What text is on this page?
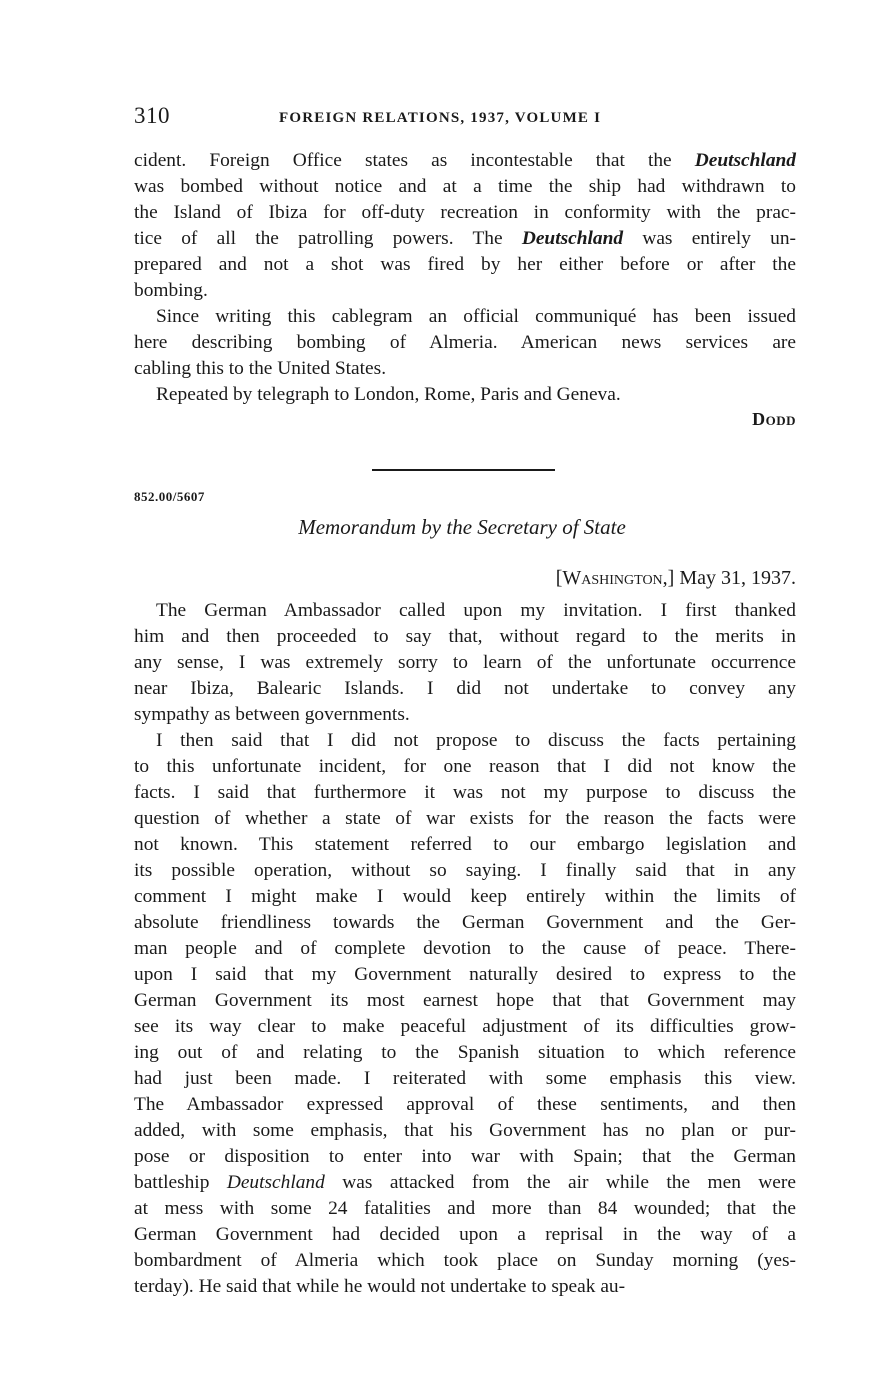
310	FOREIGN RELATIONS, 1937, VOLUME I
cident. Foreign Office states as incontestable that the Deutschland
was bombed without notice and at a time the ship had withdrawn to
the Island of Ibiza for off-duty recreation in conformity with the prac-
tice of all the patrolling powers. The Deutschland was entirely un-
prepared and not a shot was fired by her either before or after the
bombing.
Since writing this cablegram an official communiqué has been issued
here describing bombing of Almeria. American news services are
cabling this to the United States.
Repeated by telegraph to London, Rome, Paris and Geneva.
Dodd
852.00/5607
Memorandum by the Secretary of State
[Washington,] May 31, 1937.
The German Ambassador called upon my invitation. I first thanked
him and then proceeded to say that, without regard to the merits in
any sense, I was extremely sorry to learn of the unfortunate occurrence
near Ibiza, Balearic Islands. I did not undertake to convey any
sympathy as between governments.
I then said that I did not propose to discuss the facts pertaining
to this unfortunate incident, for one reason that I did not know the
facts. I said that furthermore it was not my purpose to discuss the
question of whether a state of war exists for the reason the facts were
not known. This statement referred to our embargo legislation and
its possible operation, without so saying. I finally said that in any
comment I might make I would keep entirely within the limits of
absolute friendliness towards the German Government and the Ger-
man people and of complete devotion to the cause of peace. There-
upon I said that my Government naturally desired to express to the
German Government its most earnest hope that that Government may
see its way clear to make peaceful adjustment of its difficulties grow-
ing out of and relating to the Spanish situation to which reference
had just been made. I reiterated with some emphasis this view.
The Ambassador expressed approval of these sentiments, and then
added, with some emphasis, that his Government has no plan or pur-
pose or disposition to enter into war with Spain; that the German
battleship Deutschland was attacked from the air while the men were
at mess with some 24 fatalities and more than 84 wounded; that the
German Government had decided upon a reprisal in the way of a
bombardment of Almeria which took place on Sunday morning (yes-
terday). He said that while he would not undertake to speak au-
